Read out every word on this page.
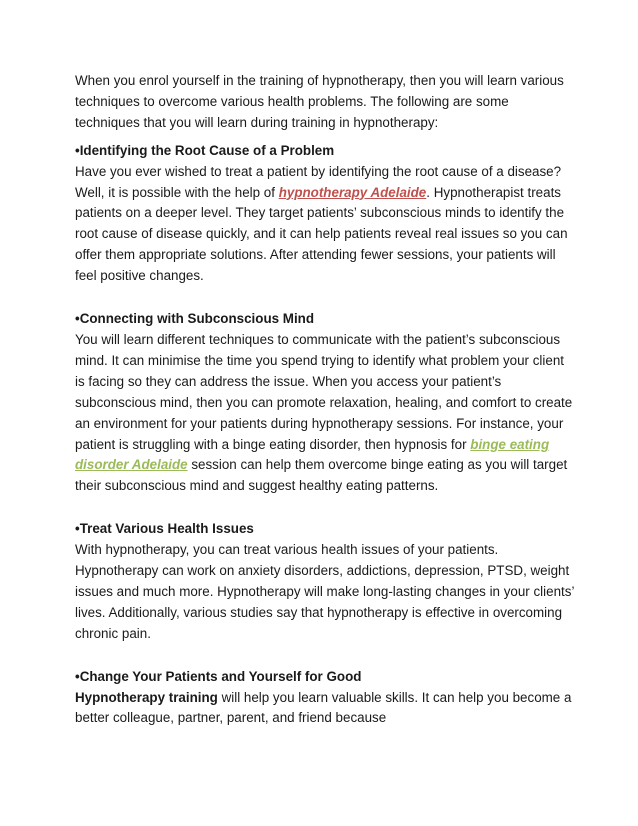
When you enrol yourself in the training of hypnotherapy, then you will learn various techniques to overcome various health problems. The following are some techniques that you will learn during training in hypnotherapy:

•Identifying the Root Cause of a Problem

Have you ever wished to treat a patient by identifying the root cause of a disease? Well, it is possible with the help of hypnotherapy Adelaide. Hypnotherapist treats patients on a deeper level. They target patients’ subconscious minds to identify the root cause of disease quickly, and it can help patients reveal real issues so you can offer them appropriate solutions. After attending fewer sessions, your patients will feel positive changes.

•Connecting with Subconscious Mind

You will learn different techniques to communicate with the patient’s subconscious mind. It can minimise the time you spend trying to identify what problem your client is facing so they can address the issue. When you access your patient’s subconscious mind, then you can promote relaxation, healing, and comfort to create an environment for your patients during hypnotherapy sessions. For instance, your patient is struggling with a binge eating disorder, then hypnosis for binge eating disorder Adelaide session can help them overcome binge eating as you will target their subconscious mind and suggest healthy eating patterns.

•Treat Various Health Issues

With hypnotherapy, you can treat various health issues of your patients. Hypnotherapy can work on anxiety disorders, addictions, depression, PTSD, weight issues and much more. Hypnotherapy will make long-lasting changes in your clients’ lives. Additionally, various studies say that hypnotherapy is effective in overcoming chronic pain.

•Change Your Patients and Yourself for Good

Hypnotherapy training will help you learn valuable skills. It can help you become a better colleague, partner, parent, and friend because
